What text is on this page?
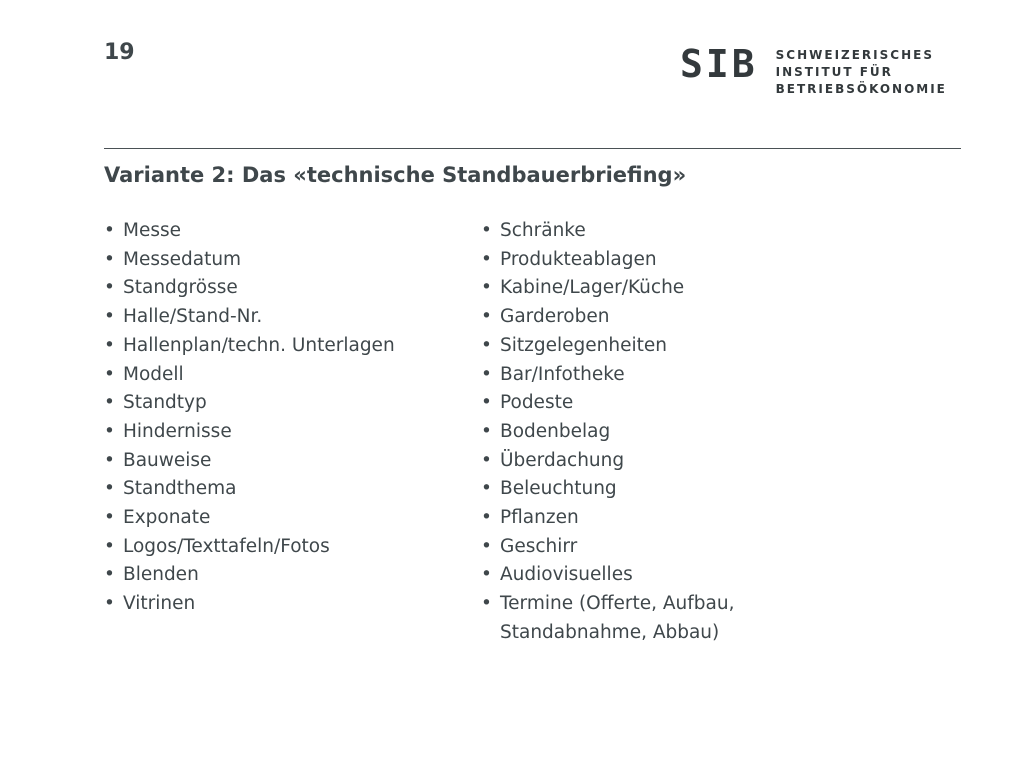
19	SIB SCHWEIZERISCHES
INSTITUT FÜR
BETRIEBSÖKONOMIE
Variante 2: Das «technische Standbauerbriefing»
• Messe
• Messedatum
• Standgrösse
• Halle/Stand-Nr.
• Hallenplan/techn. Unterlagen
• Modell
• Standtyp
• Hindernisse
• Bauweise
• Standthema
• Exponate
• Logos/Texttafeln/Fotos
• Blenden
• Vitrinen
• Schränke
• Produkteablagen
• Kabine/Lager/Küche
• Garderoben
• Sitzgelegenheiten
• Bar/Infotheke
• Podeste
• Bodenbelag
• Überdachung
• Beleuchtung
• Pflanzen
• Geschirr
• Audiovisuelles
• Termine (Offerte, Aufbau, Standabnahme, Abbau)
